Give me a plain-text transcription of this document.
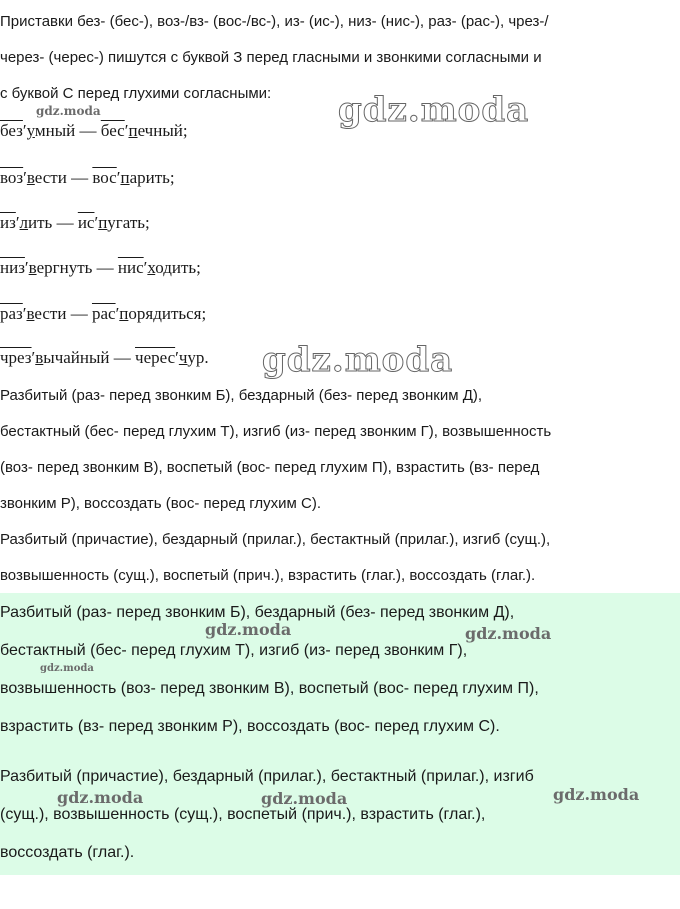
Приставки без- (бес-), воз-/вз- (вос-/вс-), из- (ис-), низ- (нис-), раз- (рас-), чрез-/

через- (черес-) пишутся с буквой З перед гласными и звонкими согласными и

с буквой С перед глухими согласными:

безʹумный — бесʹпечный;
возʹвести — восʹпарить;
изʹлить — исʹпугать;
низʹвергнуть — нисʹходить;
разʹвести — расʹпорядиться;
чрезʹвычайный — чересʹчур.

Разбитый (раз- перед звонким Б), бездарный (без- перед звонким Д),

бестактный (бес- перед глухим Т), изгиб (из- перед звонким Г), возвышенность

(воз- перед звонким В), воспетый (вос- перед глухим П), взрастить (вз- перед

звонким Р), воссоздать (вос- перед глухим С).

Разбитый (причастие), бездарный (прилаг.), бестактный (прилаг.), изгиб (сущ.),

возвышенность (сущ.), воспетый (прич.), взрастить (глаг.), воссоздать (глаг.).

Разбитый (раз- перед звонким Б), бездарный (без- перед звонким Д),

бестактный (бес- перед глухим Т), изгиб (из- перед звонким Г),

возвышенность (воз- перед звонким В), воспетый (вос- перед глухим П),

взрастить (вз- перед звонким Р), воссоздать (вос- перед глухим С).

Разбитый (причастие), бездарный (прилаг.), бестактный (прилаг.), изгиб

(сущ.), возвышенность (сущ.), воспетый (прич.), взрастить (глаг.),

воссоздать (глаг.).

gdz.moda
gdz.moda
gdz.moda
gdz.moda	gdz.moda
gdz.moda
gdz.moda	gdz.moda	gdz.moda
